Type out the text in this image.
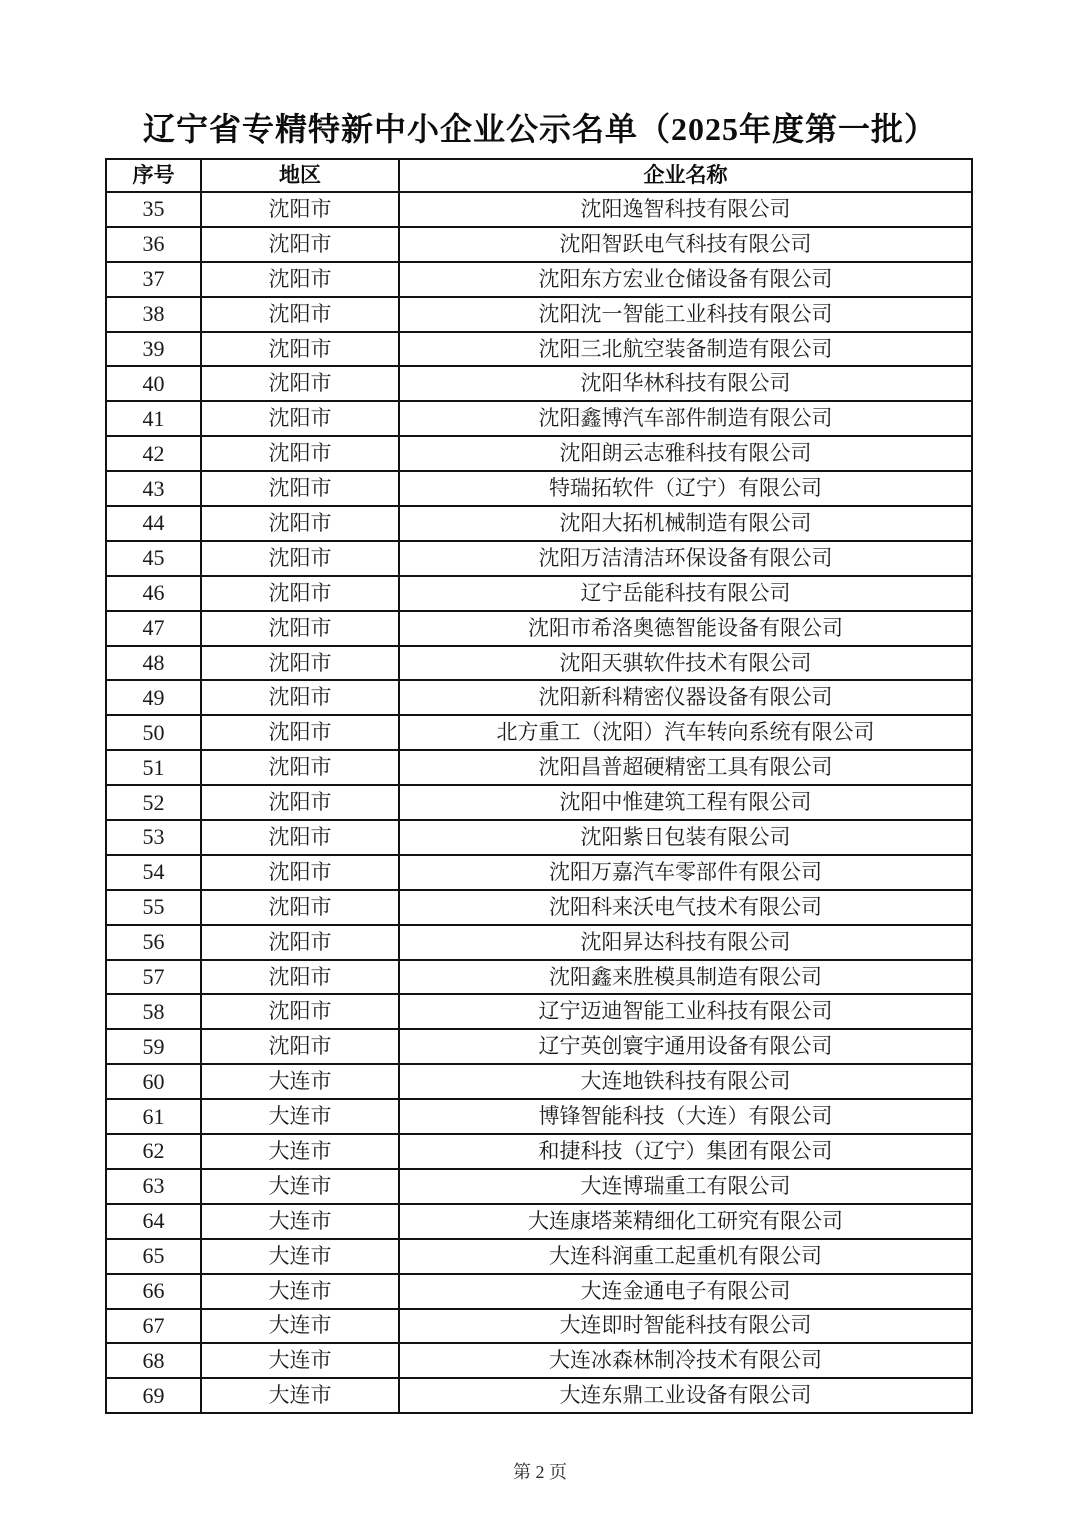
辽宁省专精特新中小企业公示名单（2025年度第一批）
序号	地区	企业名称
35	沈阳市	沈阳逸智科技有限公司
36	沈阳市	沈阳智跃电气科技有限公司
37	沈阳市	沈阳东方宏业仓储设备有限公司
38	沈阳市	沈阳沈一智能工业科技有限公司
39	沈阳市	沈阳三北航空装备制造有限公司
40	沈阳市	沈阳华林科技有限公司
41	沈阳市	沈阳鑫博汽车部件制造有限公司
42	沈阳市	沈阳朗云志雅科技有限公司
43	沈阳市	特瑞拓软件（辽宁）有限公司
44	沈阳市	沈阳大拓机械制造有限公司
45	沈阳市	沈阳万洁清洁环保设备有限公司
46	沈阳市	辽宁岳能科技有限公司
47	沈阳市	沈阳市希洛奥德智能设备有限公司
48	沈阳市	沈阳天骐软件技术有限公司
49	沈阳市	沈阳新科精密仪器设备有限公司
50	沈阳市	北方重工（沈阳）汽车转向系统有限公司
51	沈阳市	沈阳昌普超硬精密工具有限公司
52	沈阳市	沈阳中惟建筑工程有限公司
53	沈阳市	沈阳紫日包装有限公司
54	沈阳市	沈阳万嘉汽车零部件有限公司
55	沈阳市	沈阳科来沃电气技术有限公司
56	沈阳市	沈阳昇达科技有限公司
57	沈阳市	沈阳鑫来胜模具制造有限公司
58	沈阳市	辽宁迈迪智能工业科技有限公司
59	沈阳市	辽宁英创寰宇通用设备有限公司
60	大连市	大连地铁科技有限公司
61	大连市	博锋智能科技（大连）有限公司
62	大连市	和捷科技（辽宁）集团有限公司
63	大连市	大连博瑞重工有限公司
64	大连市	大连康塔莱精细化工研究有限公司
65	大连市	大连科润重工起重机有限公司
66	大连市	大连金通电子有限公司
67	大连市	大连即时智能科技有限公司
68	大连市	大连冰森林制冷技术有限公司
69	大连市	大连东鼎工业设备有限公司
第 2 页
